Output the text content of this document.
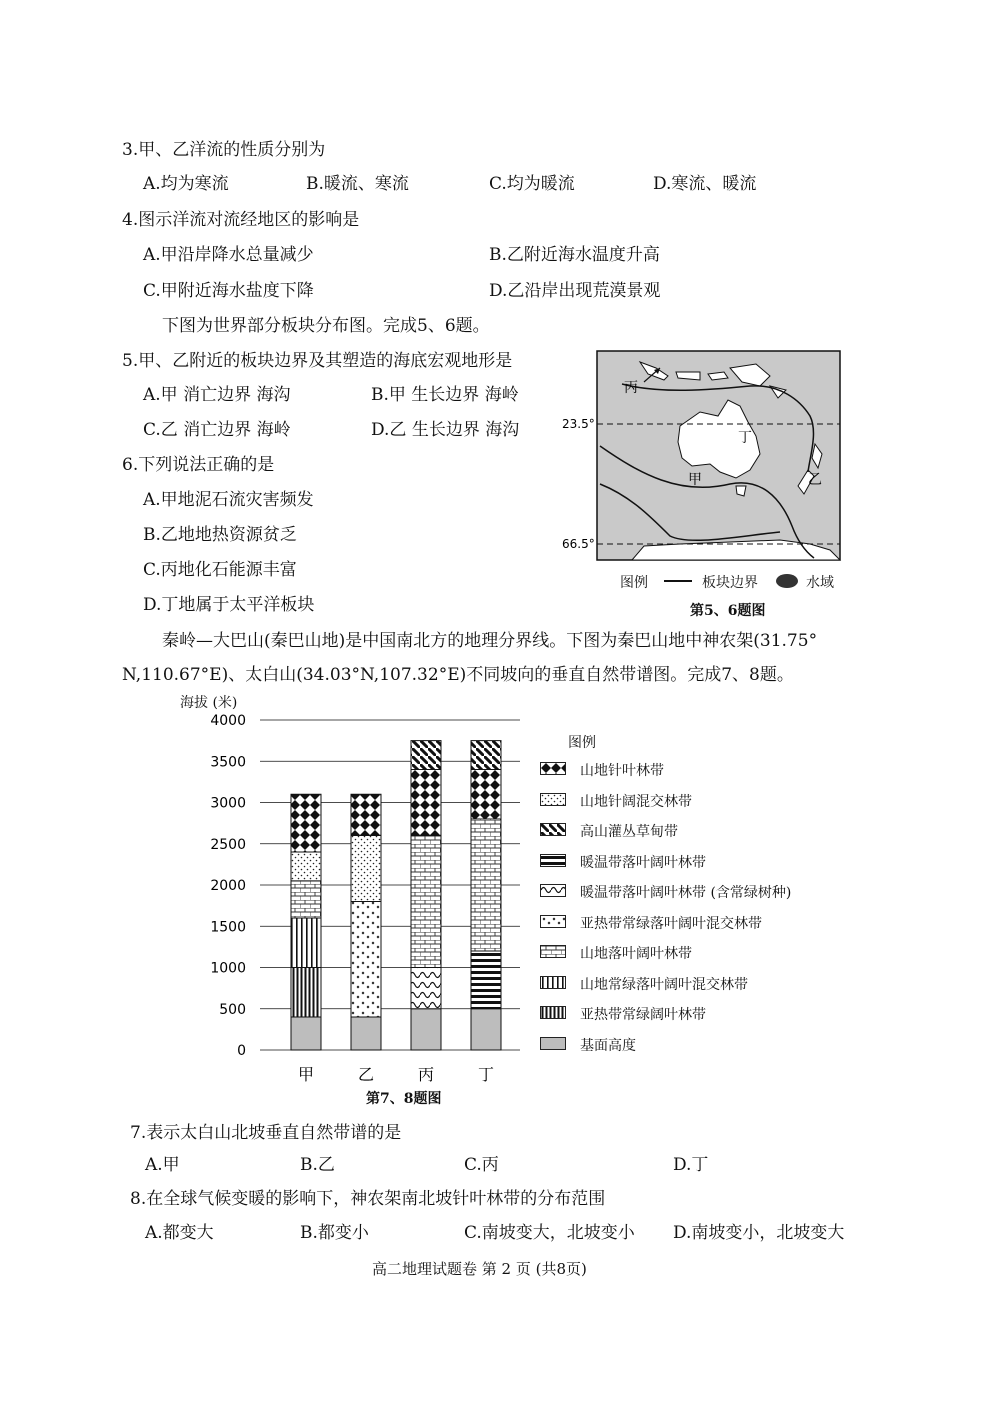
3.甲、乙洋流的性质分别为
A.均为寒流	B.暖流、寒流	C.均为暖流	D.寒流、暖流
4.图示洋流对流经地区的影响是
A.甲沿岸降水总量减少	B.乙附近海水温度升高
C.甲附近海水盐度下降	D.乙沿岸出现荒漠景观
下图为世界部分板块分布图。完成5、6题。
5.甲、乙附近的板块边界及其塑造的海底宏观地形是
A.甲 消亡边界 海沟	B.甲 生长边界 海岭
C.乙 消亡边界 海岭	D.乙 生长边界 海沟
6.下列说法正确的是
A.甲地泥石流灾害频发
B.乙地地热资源贫乏
C.丙地化石能源丰富
D.丁地属于太平洋板块
丙
丁
甲	乙
23.5°
66.5°
图例	板块边界	水域
第5、6题图
秦岭—大巴山(秦巴山地)是中国南北方的地理分界线。下图为秦巴山地中神农架(31.75°
N,110.67°E)、太白山(34.03°N,107.32°E)不同坡向的垂直自然带谱图。完成7、8题。
海拔 (米)
0
500
1000
1500
2000
2500
3000
3500
4000
甲	乙	丙	丁
图例
山地针叶林带
山地针阔混交林带
高山灌丛草甸带
暖温带落叶阔叶林带
暖温带落叶阔叶林带 (含常绿树种)
亚热带常绿落叶阔叶混交林带
山地落叶阔叶林带
山地常绿落叶阔叶混交林带
亚热带常绿阔叶林带
基面高度
第7、8题图
7.表示太白山北坡垂直自然带谱的是
A.甲	B.乙	C.丙	D.丁
8.在全球气候变暖的影响下，神农架南北坡针叶林带的分布范围
A.都变大	B.都变小	C.南坡变大，北坡变小 D.南坡变小，北坡变大
高二地理试题卷 第 2 页 (共8页)
